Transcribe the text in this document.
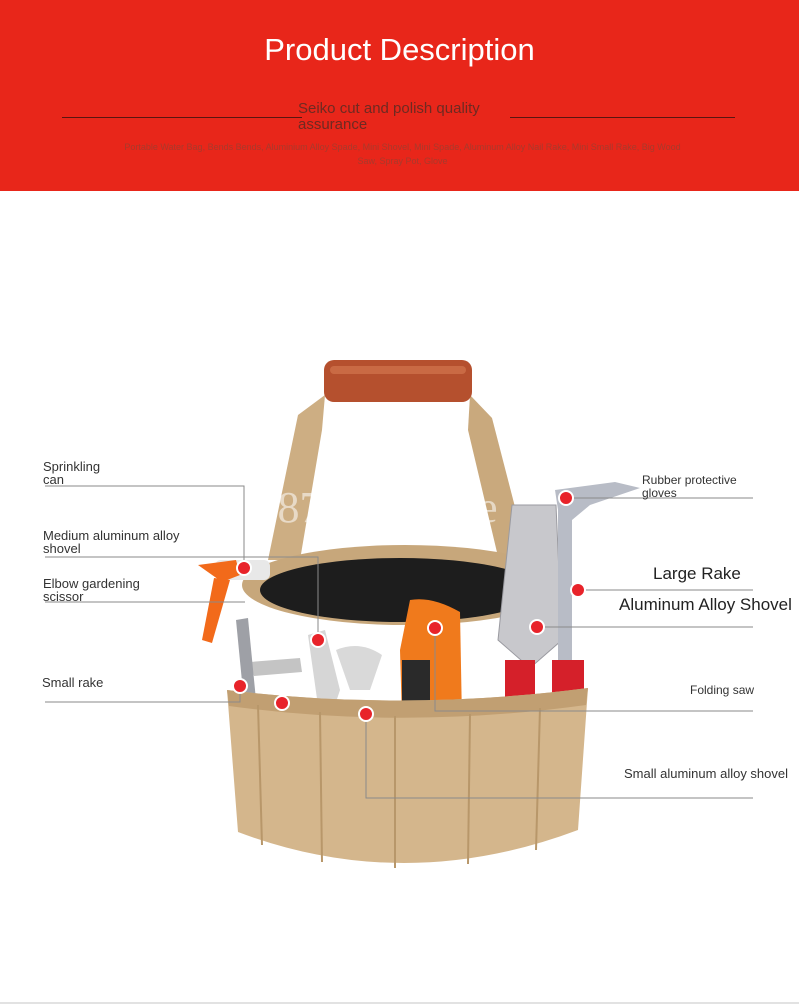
Product Description
Seiko cut and polish quality assurance
Portable Water Bag, Bends Bends, Aluminium Alloy Spade, Mini Shovel, Mini Spade, Aluminum Alloy Nail Rake, Mini Small Rake, Big Wood Saw, Spray Pot, Glove
cn1057875130yiqie
Sprinkling
can
Medium aluminum alloy
shovel
Elbow gardening
scissor
Small rake
Rubber protective
gloves
Large Rake
Aluminum Alloy Shovel
Folding saw
Small aluminum alloy shovel
